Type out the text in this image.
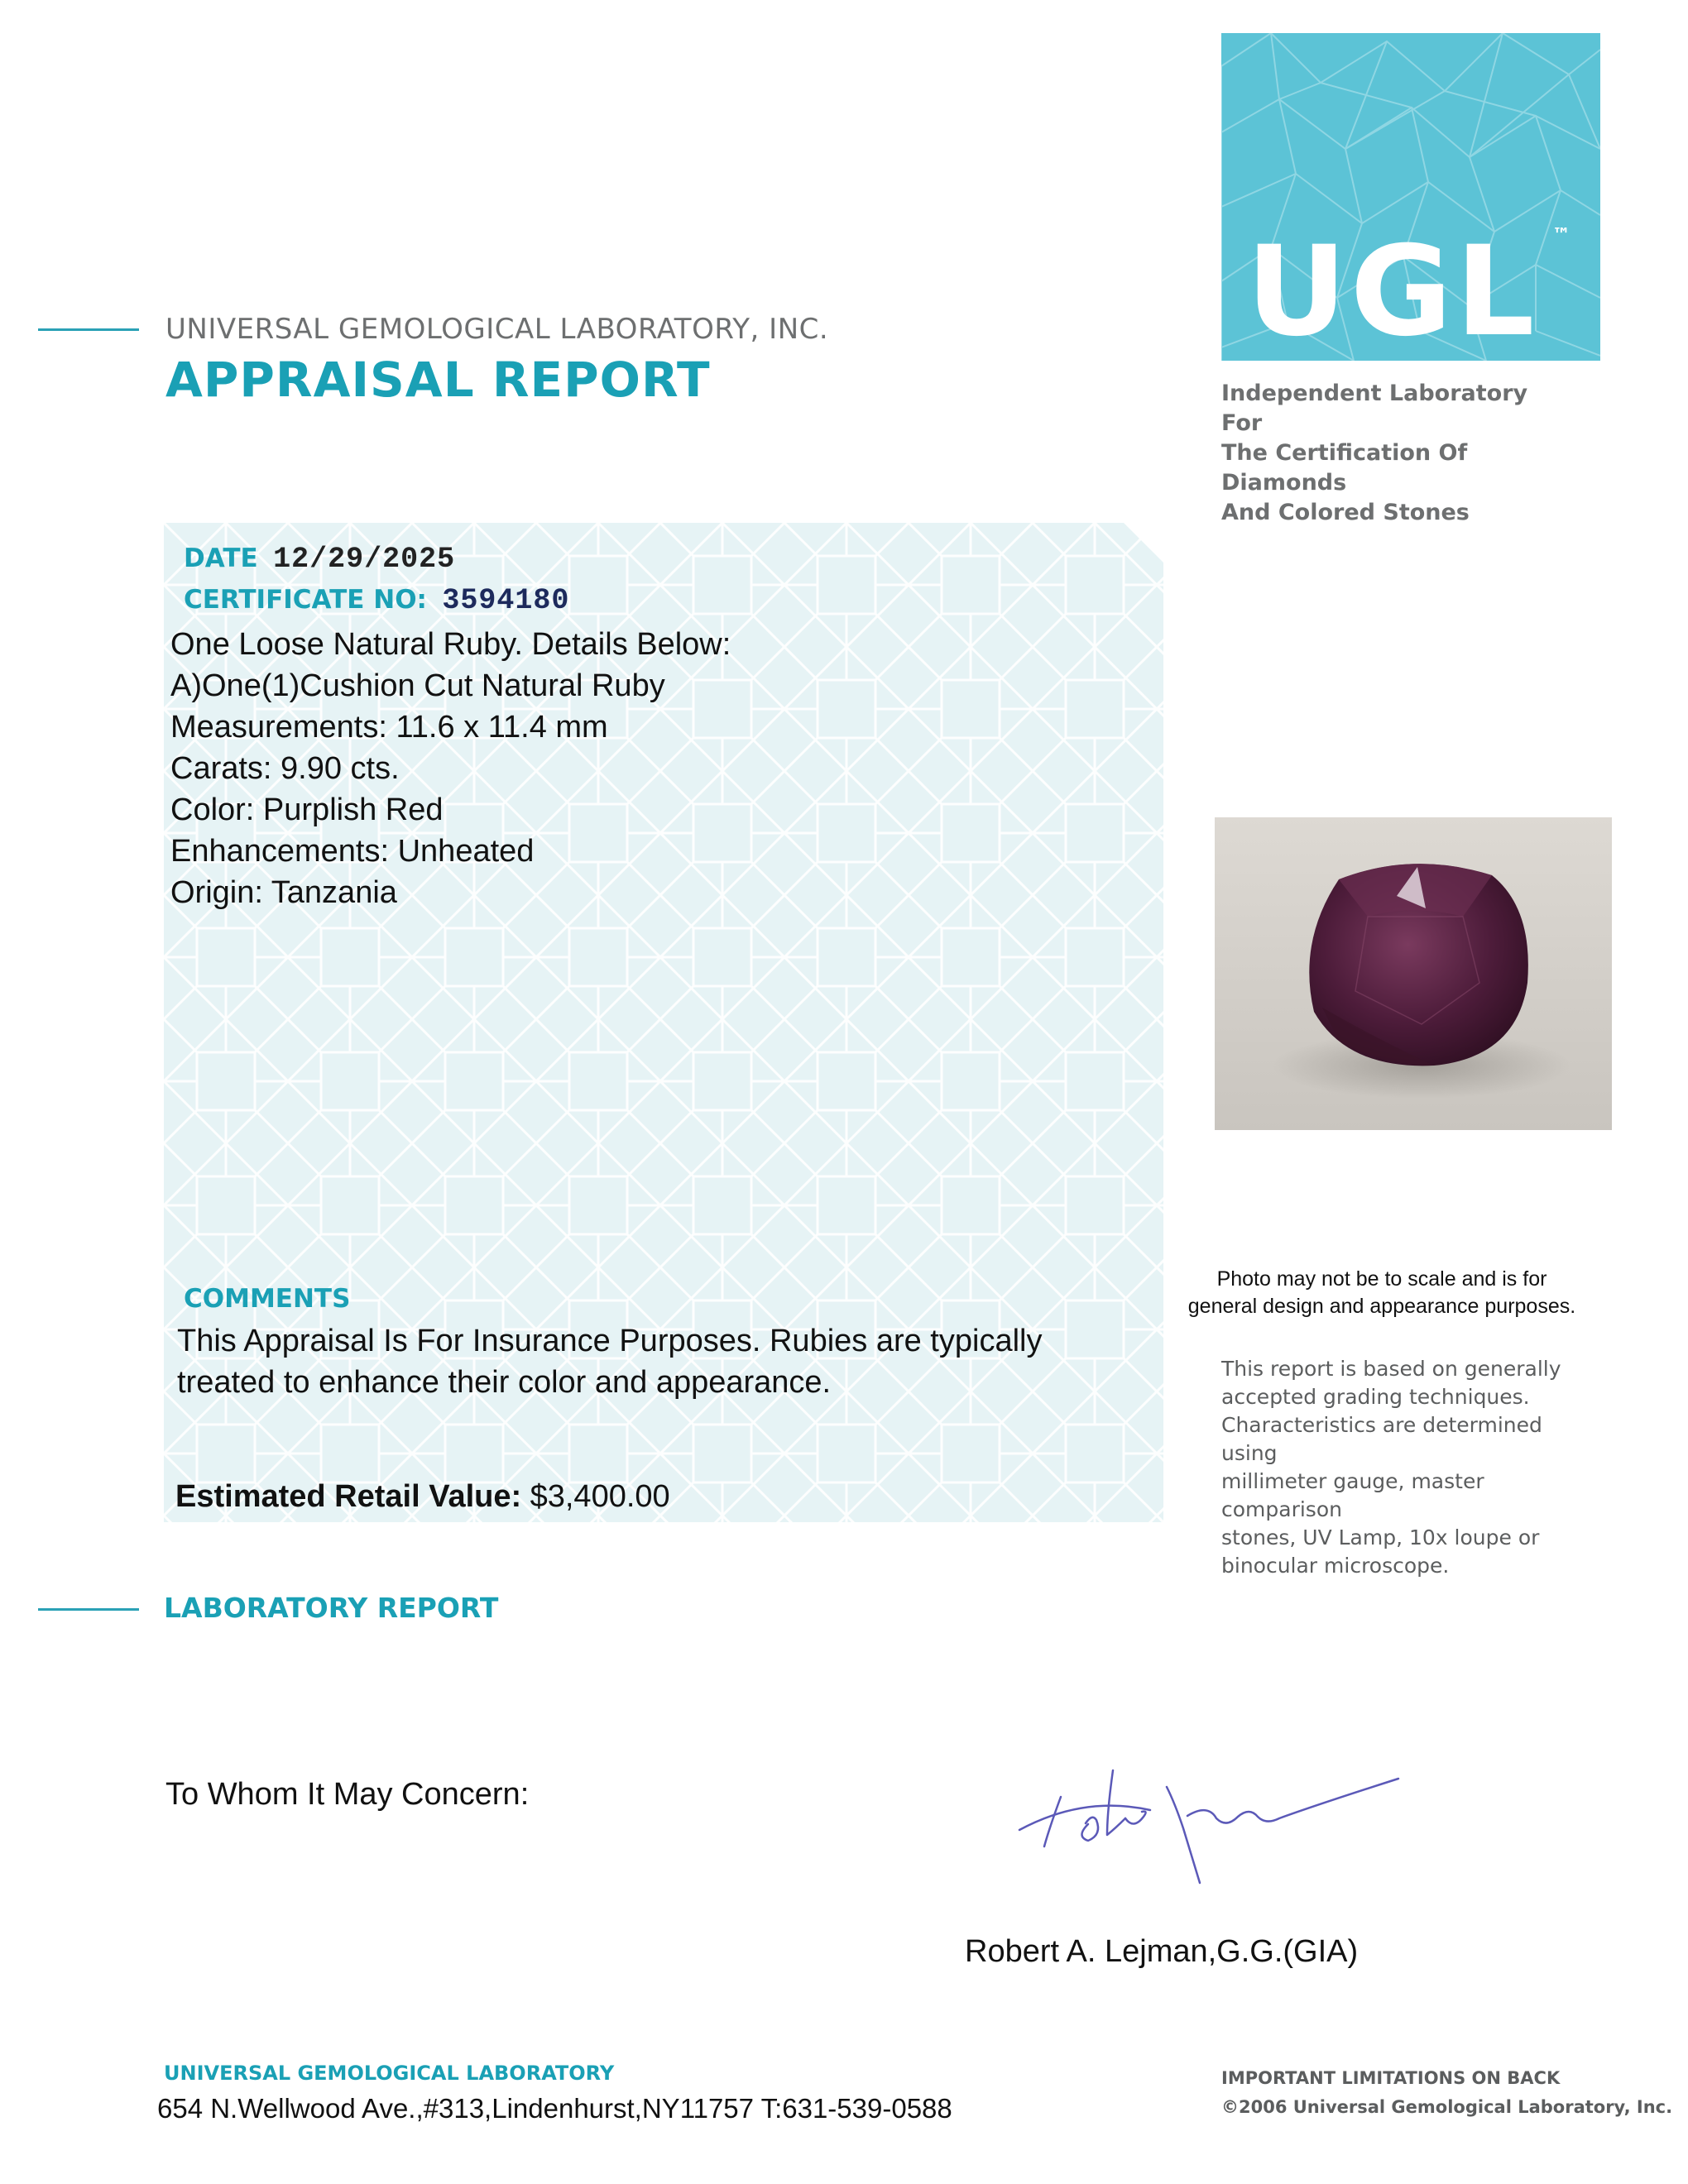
UNIVERSAL GEMOLOGICAL LABORATORY, INC.
APPRAISAL REPORT
UGL ™
Independent Laboratory For
The Certification Of Diamonds
And Colored Stones
DATE 12/29/2025
CERTIFICATE NO: 3594180
One Loose Natural Ruby. Details Below:
A)One(1)Cushion Cut Natural Ruby
Measurements: 11.6 x 11.4 mm
Carats: 9.90 cts.
Color: Purplish Red
Enhancements: Unheated
Origin: Tanzania
COMMENTS
This Appraisal Is For Insurance Purposes. Rubies are typically
treated to enhance their color and appearance.
Estimated Retail Value: $3,400.00
Photo may not be to scale and is for
general design and appearance purposes.
This report is based on generally
accepted grading techniques.
Characteristics are determined using
millimeter gauge, master comparison
stones, UV Lamp, 10x loupe or
binocular microscope.
LABORATORY REPORT
To Whom It May Concern:
Robert A. Lejman,G.G.(GIA)
UNIVERSAL GEMOLOGICAL LABORATORY
654 N.Wellwood Ave.,#313,Lindenhurst,NY11757 T:631-539-0588
IMPORTANT LIMITATIONS ON BACK
©2006 Universal Gemological Laboratory, Inc.
